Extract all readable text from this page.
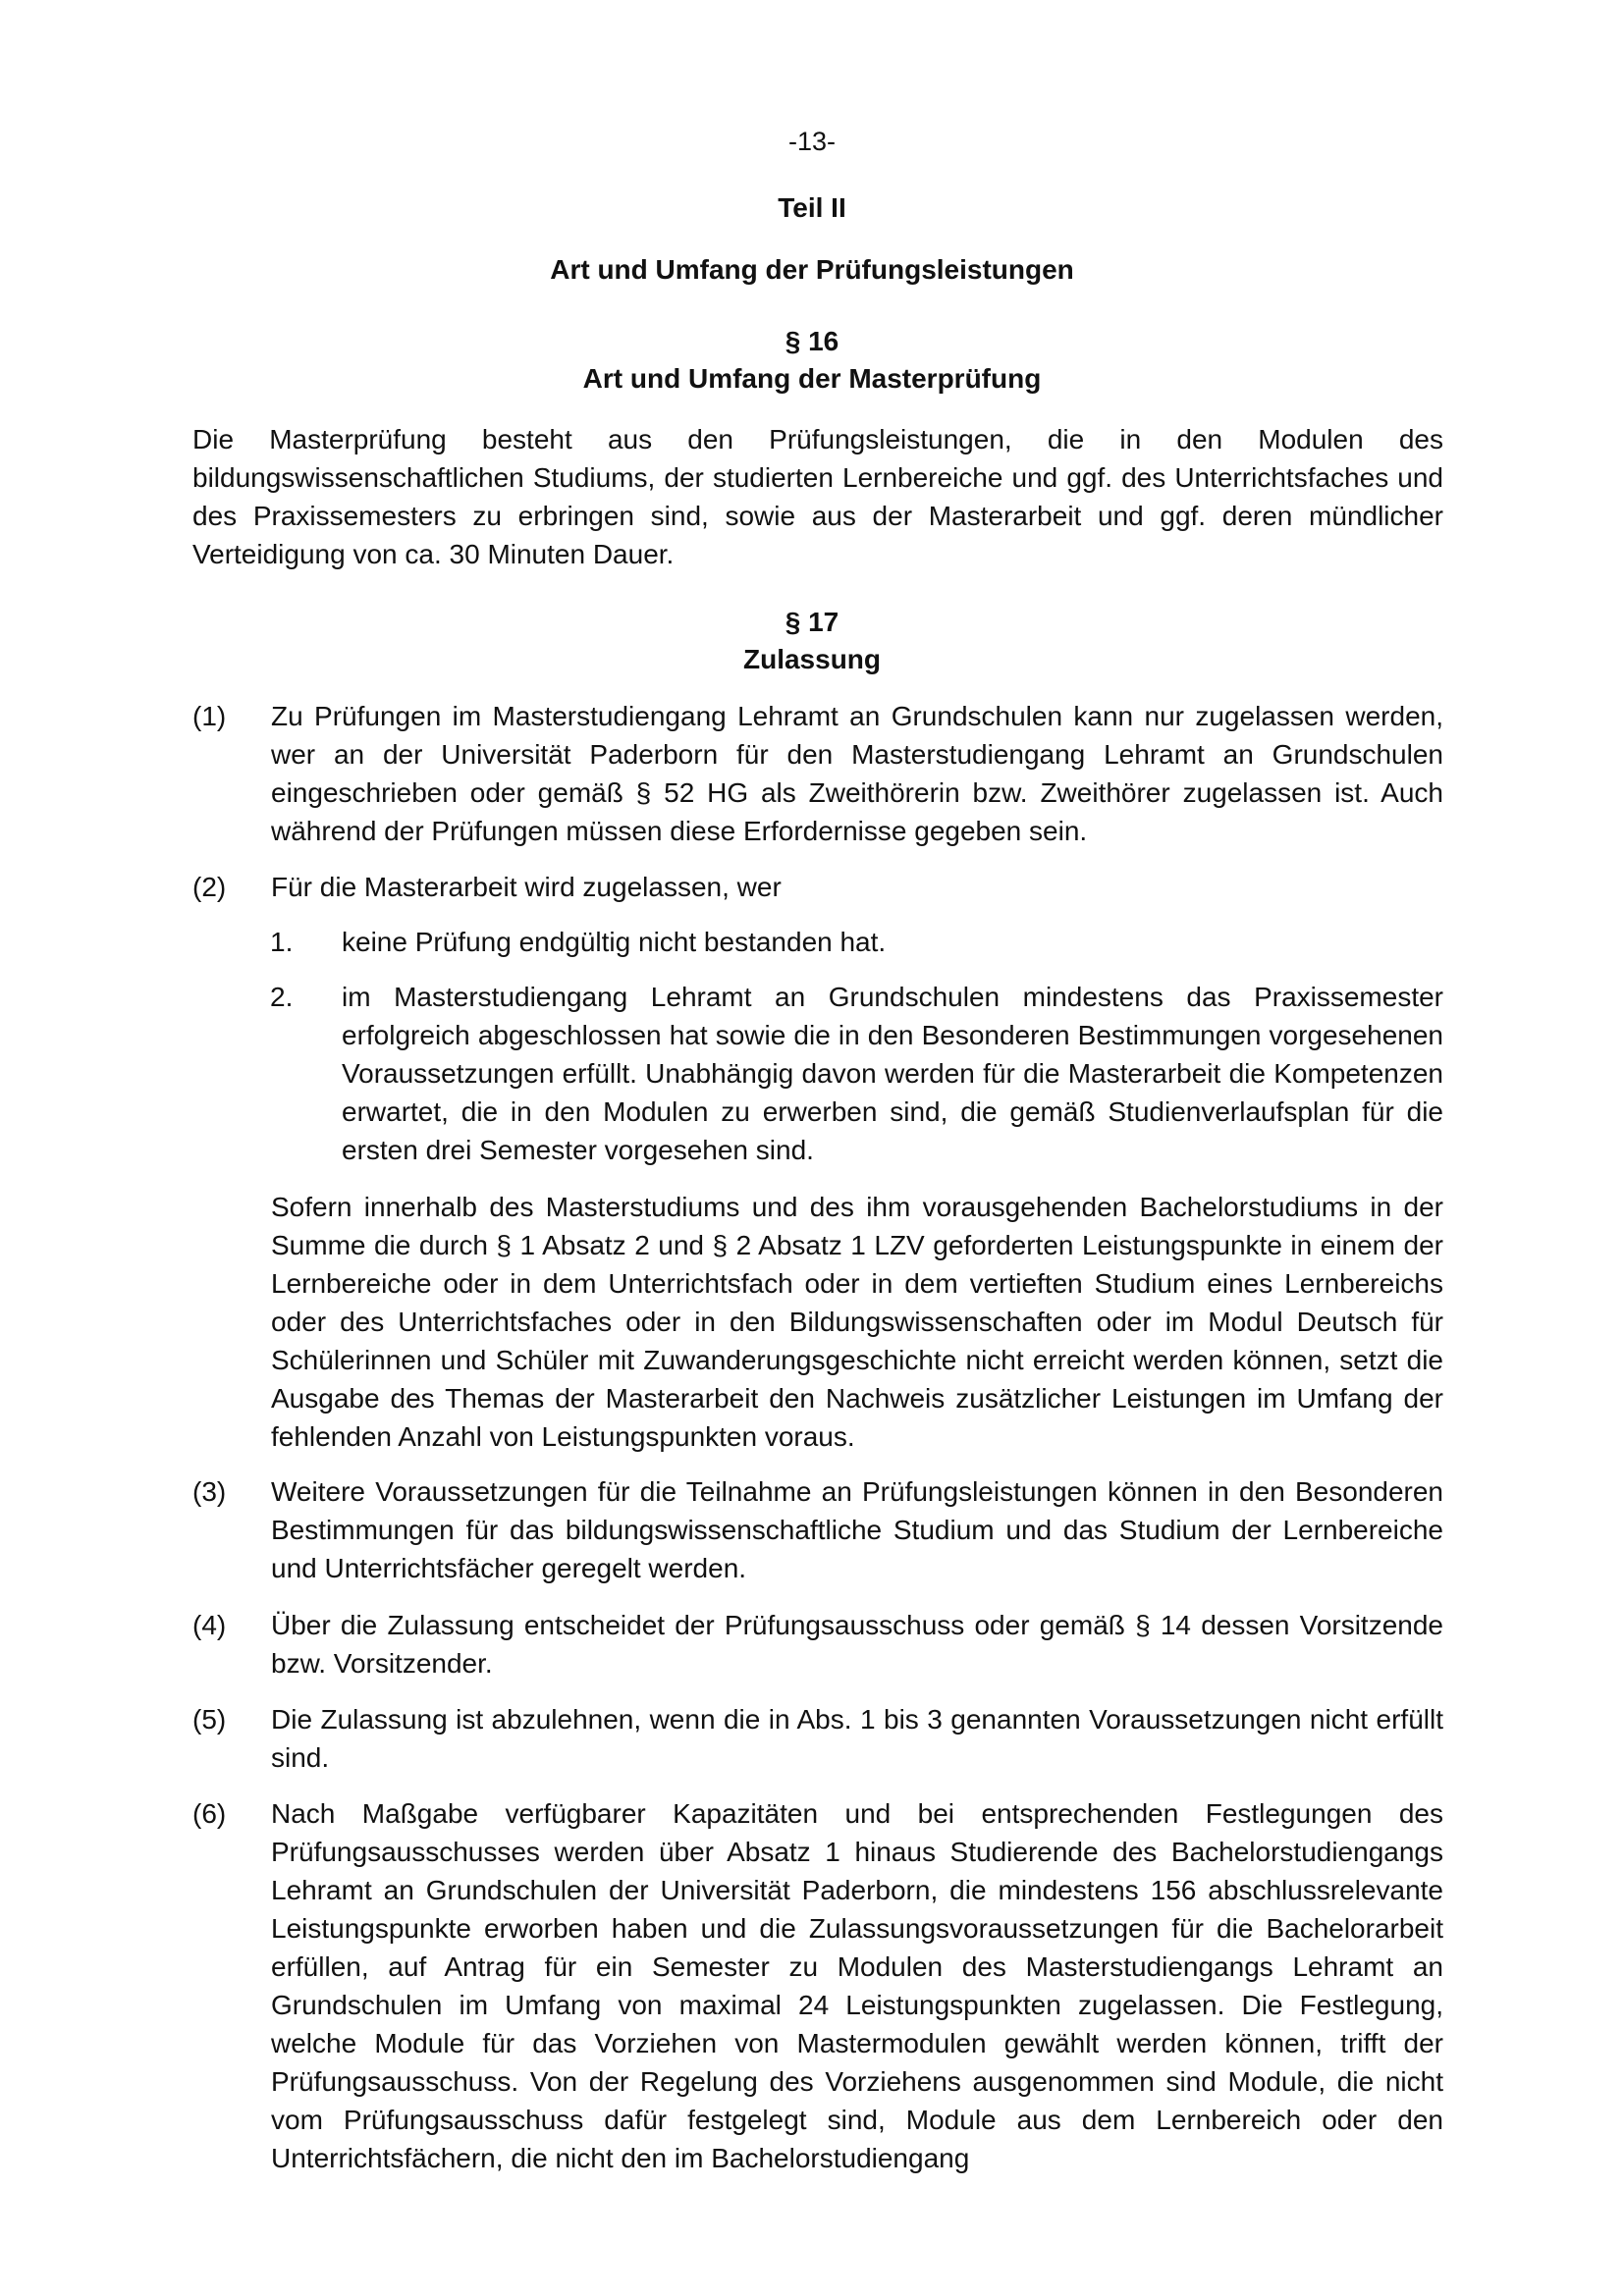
-13-
Teil II
Art und Umfang der Prüfungsleistungen
§ 16
Art und Umfang der Masterprüfung
Die Masterprüfung besteht aus den Prüfungsleistungen, die in den Modulen des bildungswissenschaftlichen Studiums, der studierten Lernbereiche und ggf. des Unterrichtsfaches und des Praxissemesters zu erbringen sind, sowie aus der Masterarbeit und ggf. deren mündlicher Verteidigung von ca. 30 Minuten Dauer.
§ 17
Zulassung
(1) Zu Prüfungen im Masterstudiengang Lehramt an Grundschulen kann nur zugelassen werden, wer an der Universität Paderborn für den Masterstudiengang Lehramt an Grundschulen eingeschrieben oder gemäß § 52 HG als Zweithörerin bzw. Zweithörer zugelassen ist. Auch während der Prüfungen müssen diese Erfordernisse gegeben sein.
(2) Für die Masterarbeit wird zugelassen, wer
1. keine Prüfung endgültig nicht bestanden hat.
2. im Masterstudiengang Lehramt an Grundschulen mindestens das Praxissemester erfolgreich abgeschlossen hat sowie die in den Besonderen Bestimmungen vorgesehenen Voraussetzungen erfüllt. Unabhängig davon werden für die Masterarbeit die Kompetenzen erwartet, die in den Modulen zu erwerben sind, die gemäß Studienverlaufsplan für die ersten drei Semester vorgesehen sind.
Sofern innerhalb des Masterstudiums und des ihm vorausgehenden Bachelorstudiums in der Summe die durch § 1 Absatz 2 und § 2 Absatz 1 LZV geforderten Leistungspunkte in einem der Lernbereiche oder in dem Unterrichtsfach oder in dem vertieften Studium eines Lernbereichs oder des Unterrichtsfaches oder in den Bildungswissenschaften oder im Modul Deutsch für Schülerinnen und Schüler mit Zuwanderungsgeschichte nicht erreicht werden können, setzt die Ausgabe des Themas der Masterarbeit den Nachweis zusätzlicher Leistungen im Umfang der fehlenden Anzahl von Leistungspunkten voraus.
(3) Weitere Voraussetzungen für die Teilnahme an Prüfungsleistungen können in den Besonderen Bestimmungen für das bildungswissenschaftliche Studium und das Studium der Lernbereiche und Unterrichtsfächer geregelt werden.
(4) Über die Zulassung entscheidet der Prüfungsausschuss oder gemäß § 14 dessen Vorsitzende bzw. Vorsitzender.
(5) Die Zulassung ist abzulehnen, wenn die in Abs. 1 bis 3 genannten Voraussetzungen nicht erfüllt sind.
(6) Nach Maßgabe verfügbarer Kapazitäten und bei entsprechenden Festlegungen des Prüfungsausschusses werden über Absatz 1 hinaus Studierende des Bachelorstudiengangs Lehramt an Grundschulen der Universität Paderborn, die mindestens 156 abschlussrelevante Leistungspunkte erworben haben und die Zulassungsvoraussetzungen für die Bachelorarbeit erfüllen, auf Antrag für ein Semester zu Modulen des Masterstudiengangs Lehramt an Grundschulen im Umfang von maximal 24 Leistungspunkten zugelassen. Die Festlegung, welche Module für das Vorziehen von Mastermodulen gewählt werden können, trifft der Prüfungsausschuss. Von der Regelung des Vorziehens ausgenommen sind Module, die nicht vom Prüfungsausschuss dafür festgelegt sind, Module aus dem Lernbereich oder den Unterrichtsfächern, die nicht den im Bachelorstudiengang
